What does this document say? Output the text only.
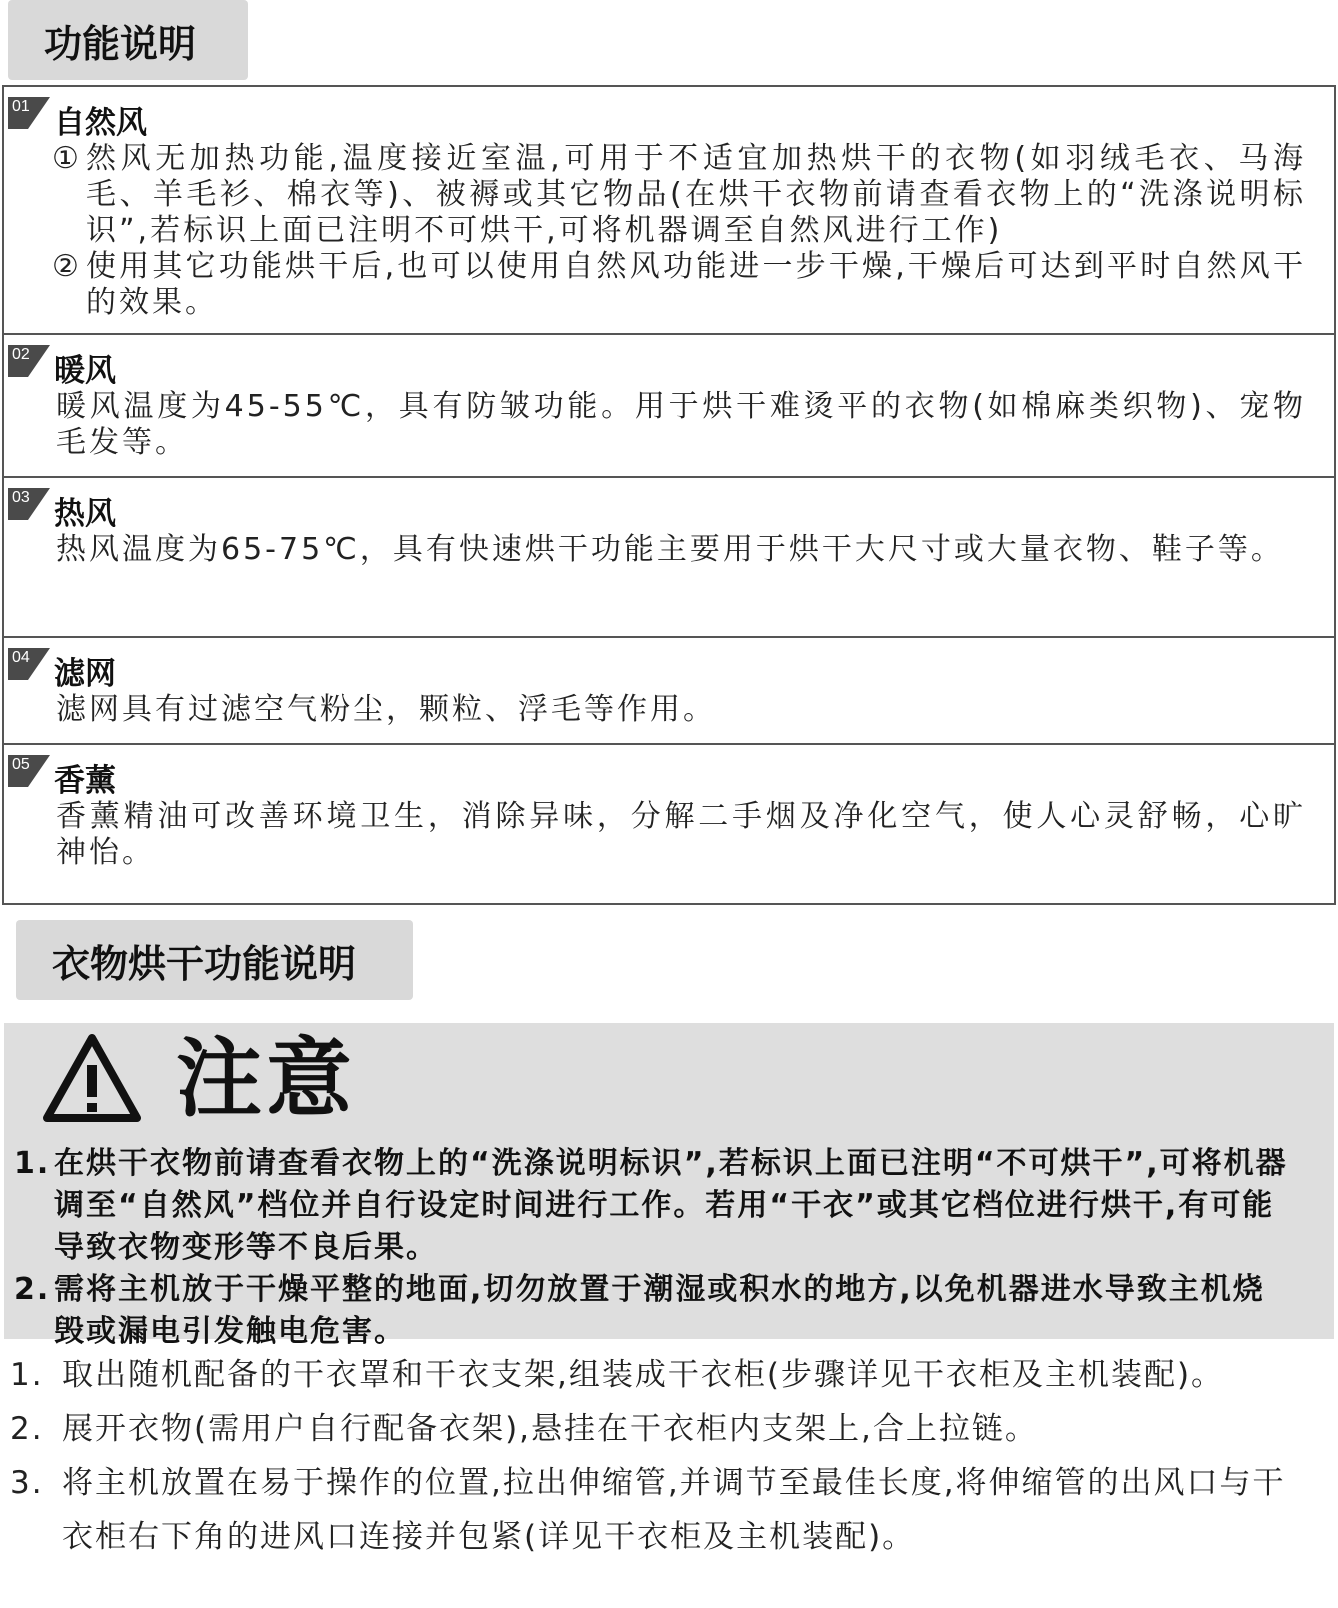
功能说明
01 自然风
① 然风无加热功能,温度接近室温,可用于不适宜加热烘干的衣物(如羽绒毛衣、马海毛、羊毛衫、棉衣等)、被褥或其它物品(在烘干衣物前请查看衣物上的“洗涤说明标识”,若标识上面已注明不可烘干,可将机器调至自然风进行工作)
② 使用其它功能烘干后,也可以使用自然风功能进一步干燥,干燥后可达到平时自然风干的效果。
02 暖风
暖风温度为45-55℃，具有防皱功能。用于烘干难烫平的衣物(如棉麻类织物)、宠物毛发等。
03 热风
热风温度为65-75℃，具有快速烘干功能主要用于烘干大尺寸或大量衣物、鞋子等。
04 滤网
滤网具有过滤空气粉尘，颗粒、浮毛等作用。
05 香薰
香薰精油可改善环境卫生，消除异味，分解二手烟及净化空气，使人心灵舒畅，心旷神怡。
衣物烘干功能说明
注意
1. 在烘干衣物前请查看衣物上的“洗涤说明标识”,若标识上面已注明“不可烘干”,可将机器调至“自然风”档位并自行设定时间进行工作。若用“干衣”或其它档位进行烘干,有可能导致衣物变形等不良后果。
2. 需将主机放于干燥平整的地面,切勿放置于潮湿或积水的地方,以免机器进水导致主机烧毁或漏电引发触电危害。
1. 取出随机配备的干衣罩和干衣支架,组装成干衣柜(步骤详见干衣柜及主机装配)。
2. 展开衣物(需用户自行配备衣架),悬挂在干衣柜内支架上,合上拉链。
3. 将主机放置在易于操作的位置,拉出伸缩管,并调节至最佳长度,将伸缩管的出风口与干衣柜右下角的进风口连接并包紧(详见干衣柜及主机装配)。
